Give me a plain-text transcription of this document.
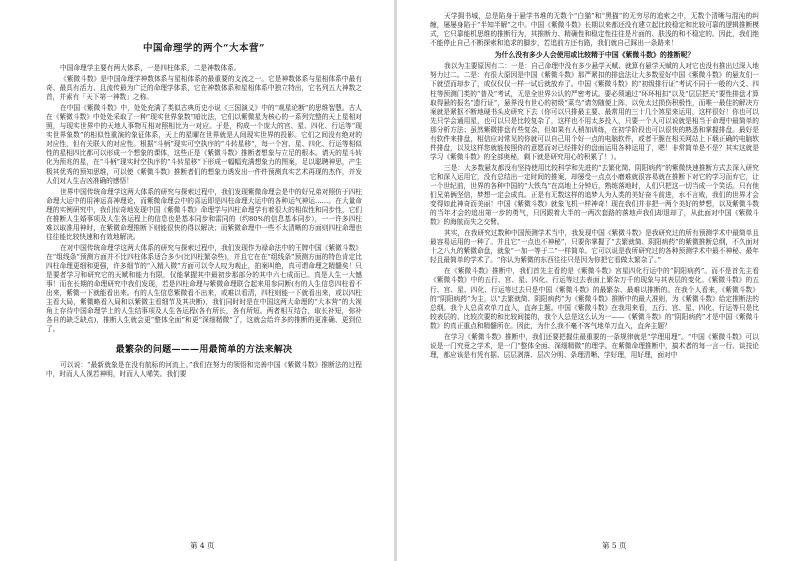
中国命理学的两个“大本营”

中国命理学主要有两大体系，一是四柱体系，二是神数体系。

《紫微斗数》是中国命理学神数体系与星相体系的最重要的支流之一。它是神数体系与星相体系中最有奇、最具有活力、且流传最为广泛的命理学体系，它在神数体系和星相体系中独立特出，它名列五大神数之首，并素有「天下第一神数」之称。

在中国《紫微斗数》中，处处充满了类似古典历史小说《三国演义》中的“观星论断”的思维智慧。古人在《紫微斗数》中处处采取了一种“现实世界象数”暗比法，它们以紫微星为核心的一系列完整的天上星相对照，与现实世界中的天地人事物互相对照相比为一对应。于是，构成一个庞大的宫、星、四化、行运等“现实世界象数”的相似性重演的象征体系，天上的星曜在世界就是人间现实世界的投影。它们之间没有绝对的对应性，但有关联人的对应性。根据“斗柄”现实可空执序的“斗转星移”，每一个宫、星、四化、行运等相似性的星相四比都可以形成一个想象的课体，这些正是《紫微斗数》推断者想象与立足的根本。请天的星斗转化为预兆的星，在“斗柄”现实时空执序的“斗转星移”下形成一幅幅充满想象力的图案，足以聪聘神思，产生极其优秀的预知思维，可以使《紫微斗数》推断者们的想象力诱发出一件件预测真实艺术再现的杰作，并发人们对人生吉凶准确的感悟！

世界中国传统命理学这两大体系的研究与探索过程中，我们发现紫微命理会是中的好兄弟对照仿于四柱命理大运中的用神运喜神理论，而紫微命理会中的喜运即是四柱命理大运中的各种运气神运……。在大量命理的实例研究中，我们惊奇地发现中国《紫微斗数》命理学与四柱命理学有着很大的相似性和同步性，它们在推断人生婚事项及人生各运程上的信息也是基本同步和雷同的（约80%的信息基本同步），一一许多四柱难以取准用神时，在紫微命理推断下则能很快的得以解决；而紫微命理中一些不太清晰的方面则四柱命理也往往能比较快速和有效地解决。

在对中国传统命理学这两大体系的研究与探索过程中，我们发现作为禄命法中的王牌中国《紫微斗数》在“组线条”预测方面并不比四柱体系适合多少(比四柱繁杂些)，并且它在在“组线条”预测方面的特色肯定比四柱命理更细和更强，许多细节的“入精入微”方面可以令人叹为观止，拍案叫绝，真可谓命理之精髓矣！只是要者学习和研究它的天赋和能力有限，仅能掌握其中最初步那部分的其中六七成而已。真是人生一大憾事！而在长期的命理研究中我们发现，若是四柱命理与紫微命理联合起来用参同断(有的人生信息四柱看不出来，紫微一下就能看出来。有的人生信息紫微看不出来，或难以看清，四柱则能一下就看出来，或以四柱主看大局，紫微略看入局和以紫微主看细节及其决断)，我们同时时是在中国这两大命理的“大本营”的大视角上存待中国命理学上的人生结事项及人生各运程(各有所长，各有所短。两者相互结合，取长补短，弥补各自的缺乏缺点)，推断人生就会更“整体全面”和更“深细精微”了，这就会给许多的推断的更准确、更到位了。

最繁杂的问题———用最简单的方法来解决

可以说：“最新就象是在没有航标的河流上。”我们在努力的领悟和完善中国《紫微斗数》推断法的过程中，时而人人视若神明，时而人人唏笑。我们要

第 4 页

天学拥书城，总是陷身于悬学书堆的无数个“白猫”和“黑猫”的无穷尽的追索之中，无数个清晰与混沌的纠缠，屡屡身陷于“半知半解”之中。中国《紫微斗数》长期以来都还没有建立起比较稳定和比较可靠的逻辑推断模式，它只靠能机思维的推断行为，其推断力、精确性和稳定性往往是片面的、肤浅的和不稳定的。因此，我们绝不能停止自己不断探索和追求的脚步，若追前方还有路，我们就自己踩出一条路来！

为什么没有多少人会使用或比较精于中国《紫微斗数》的推断呢？

我以为主要原因有二：一是：自己命理中没有多少悬学天赋、就算有悬学天赋的人对它也没有推出过深入地努力过二。二是：有很大原因是中国《紫微斗数》那严紧扣的排盘法让大多数爱好中国《紫微斗数》的悬友们一下就望而却步了，或仅仅仅一样一试后就放弃了。中国《紫微斗数》的“初级排行证”考试不同于一般的六爻、四柱等预测门类的“普及”考试，无是全世界公认的严密考试。要必须通过“环环相扣”以及“层层把关”要性排盘才算取得悬的报名“遗行证”，悬界没有世心的初级“菜鸟”请勿随便上阵，以免太过损伤积极性，而唯一最佳的解决方案就是紧抠不断地硬书头皮研究下去（你可以只排最主要、最常用的三十几个煞星来运用，这样很好！你也可以先只学会通用星，也可以只是比较复杂了，这样也不用太多投入，只要一个人可以说就是相当于命理中最简单的那分析方法；虽然紫微排盘有些复杂，但如果有人稍加训练，在初学阶段也可以很快的熟悉和掌握排盘。最好是有软件来排盘，相信应对常见的你就可以自己用个好一点的电脑软件，或者干脆在相关网站上下载正确的电脑软件排盘，以及这样您就能按照你的意愿而对已经排好的盘面运用各种运用了，嗯！非常简单是不是？其实这就是学习《紫微斗数》的全部奥秘，剩下就是研究用心的积累了！）。

三是：大多数悬友都没有坚持使用比较科学和先进的“去繁化简、阴阳病药”的紫微快速推断方式去深入研究它和深入运用它，没有总结出一定时间的推案，却屡受一点点小磨难就很容易就在推断下对它的学习而弃它，让一个世纪前，世界的各种中国的“大铁鸟”在高地上分钟后，熟练落地时，人们只把这一切当成一个笑话。只有他们兄弟俩坚信，梦想一定会成真。正是有无数这样的追梦人为人类的美好奋斗前进，水不言败，我们的世界才会变得如此神奇而美丽！中国《紫微斗数》就象飞机一样神奇！现在我们并非把一两个美好的梦想，以及紫微斗数的当年才会的追出第一步的勇气，只因跟着大半的一两次套路的落地声我们却退却了，从此面对中国《紫微斗数》的海航而失之交臂。

其实，在我研究过数种中国预测学术当中，我发现中国《紫微斗数》是我研究过的所有预测学术中最简单且最容易运用的一种了。并且它“一点也不神秘”，只要你掌握了“去繁就简、阴阳病药”的紫微推断总纲，不久面对十之八九的紫微命盘，就象“一加一等于二”一样简单。它可以说是我所研究过的各种预测学术中最不神秘、最年轻且最简单的学术了。“你认为紫微的东西往往只是因为你把它看做太繁杂了。”

在《紫微斗数》推断中，我们首先主看的是《紫微斗数》宫星四化行运中的“阴阳病药”。而不是首先主看《紫微斗数》中的五行、宫、星、四化、行运等过去表面上繁杂万千的现象与其表层的变化。《紫微斗数》的五行、宫、星、四化、行运等过去只是中国《紫微斗数》的最繁杂、最难以推断的。在我个人看来，《紫微斗数》的“阴阳病药”为主，以“去繁就简、阴阳病药”为《紫微斗数》推断中的最大准则，为《紫微斗数》给定推断法的总纲。我个人总喜欢单刀直入，直奔主题。中国《紫微斗数》在我用来看，五行、宫、星、四化、行运等只是比较表层的、比较次要的和比较间接的，我个人总是这么认为一——《紫微斗数》的“阴阳病药”才是中国《紫微斗数》的真正重点和精髓所在。因此，为什么我不毫不客气地单刀直入，直奔主题？

在学习《紫微斗数》推断中，我们还要把握住最重要的一条规律就是“学理用理”。“中国《紫微斗数》可以说是一门究竟之学术，是一门“整体全面、深细精微”的理学。在紫微命理推断中，搞术者的每一言一行、谈技论理，都应该是有凭有据、层层剥落、层次分明、条理清晰、学好理，用好理，面对中

第 5 页
